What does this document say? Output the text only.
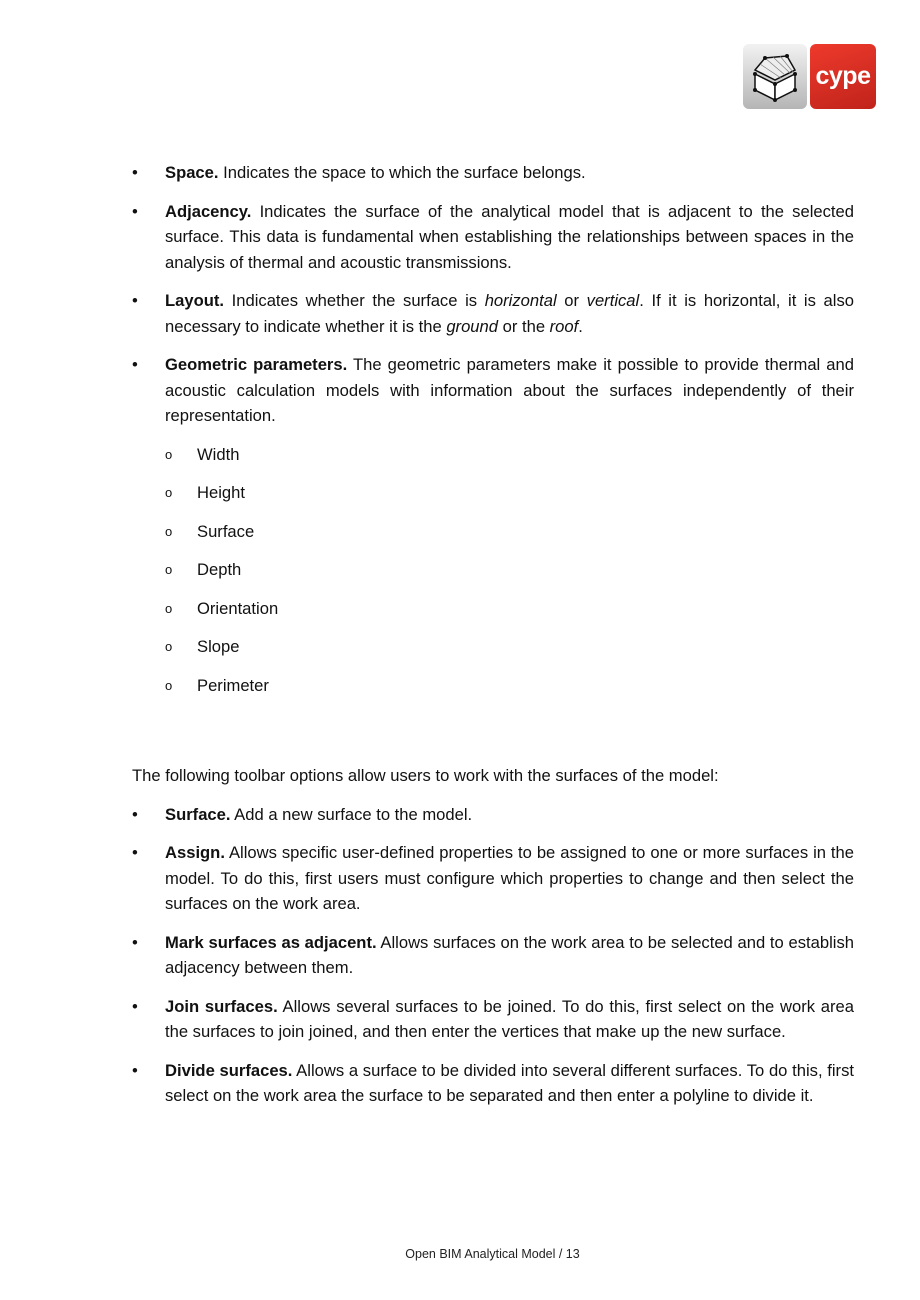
cype
• Space. Indicates the space to which the surface belongs.
• Adjacency. Indicates the surface of the analytical model that is adjacent to the selected surface. This data is fundamental when establishing the relationships between spaces in the analysis of thermal and acoustic transmissions.
• Layout. Indicates whether the surface is horizontal or vertical. If it is horizontal, it is also necessary to indicate whether it is the ground or the roof.
• Geometric parameters. The geometric parameters make it possible to provide thermal and acoustic calculation models with information about the surfaces independently of their representation.
o Width
o Height
o Surface
o Depth
o Orientation
o Slope
o Perimeter

The following toolbar options allow users to work with the surfaces of the model:

• Surface. Add a new surface to the model.
• Assign. Allows specific user-defined properties to be assigned to one or more surfaces in the model. To do this, first users must configure which properties to change and then select the surfaces on the work area.
• Mark surfaces as adjacent. Allows surfaces on the work area to be selected and to establish adjacency between them.
• Join surfaces. Allows several surfaces to be joined. To do this, first select on the work area the surfaces to join joined, and then enter the vertices that make up the new surface.
• Divide surfaces. Allows a surface to be divided into several different surfaces. To do this, first select on the work area the surface to be separated and then enter a polyline to divide it.
Open BIM Analytical Model / 13
